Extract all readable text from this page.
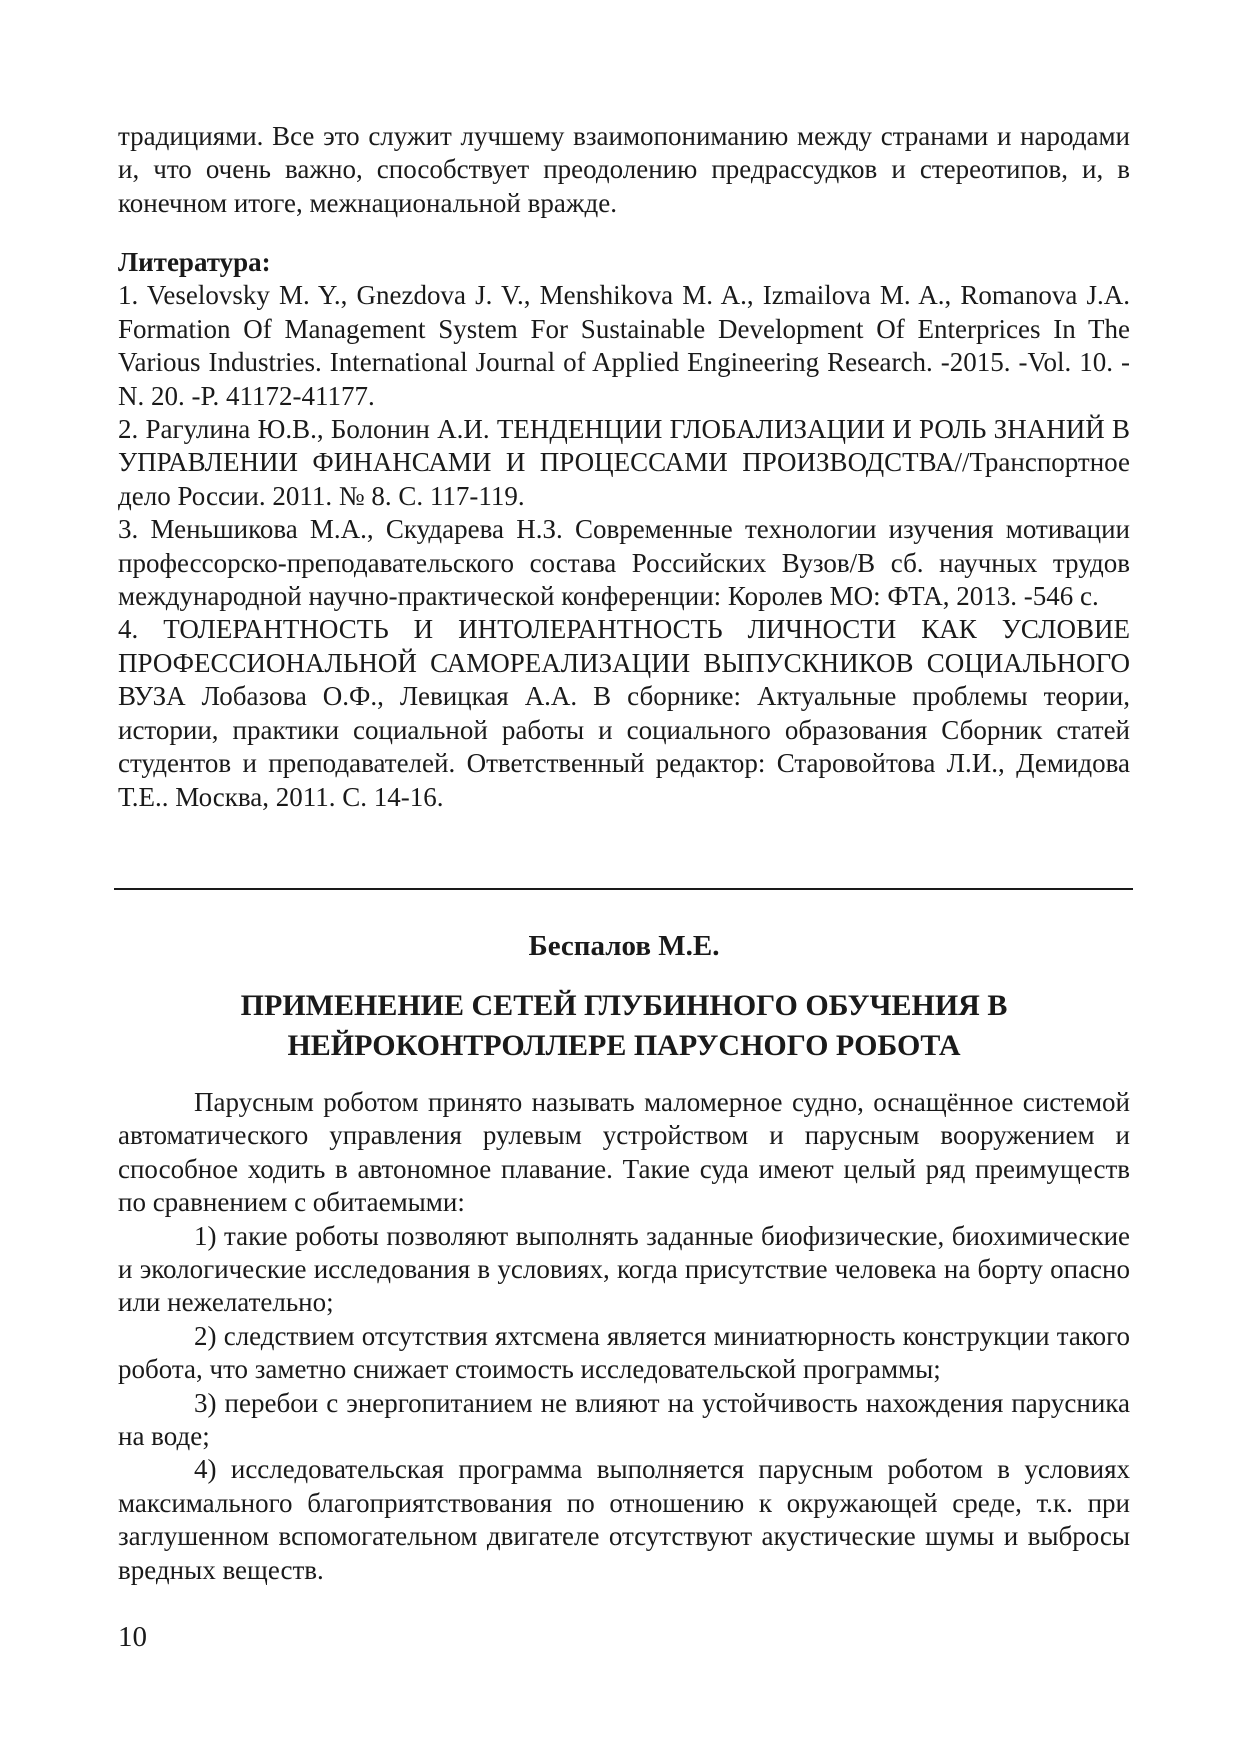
традициями. Все это служит лучшему взаимопониманию между странами и народами и, что очень важно, способствует преодолению предрассудков и стереотипов, и, в конечном итоге, межнациональной вражде.

Литература:

1. Veselovsky M. Y., Gnezdova J. V., Menshikova M. A., Izmailova M. A., Romanova J.A. Formation Of Management System For Sustainable Development Of Enterprices In The Various Industries. International Journal of Applied Engineering Research. -2015. -Vol. 10. -N. 20. -P. 41172-41177.

2. Рагулина Ю.В., Болонин А.И. ТЕНДЕНЦИИ ГЛОБАЛИЗАЦИИ И РОЛЬ ЗНАНИЙ В УПРАВЛЕНИИ ФИНАНСАМИ И ПРОЦЕССАМИ ПРОИЗВОДСТВА//Транспортное дело России. 2011. № 8. С. 117-119.

3. Меньшикова М.А., Скударева Н.З. Современные технологии изучения мотивации профессорско-преподавательского состава Российских Вузов/В сб. научных трудов международной научно-практической конференции: Королев МО: ФТА, 2013. -546 с.

4. ТОЛЕРАНТНОСТЬ И ИНТОЛЕРАНТНОСТЬ ЛИЧНОСТИ КАК УСЛОВИЕ ПРОФЕССИОНАЛЬНОЙ САМОРЕАЛИЗАЦИИ ВЫПУСКНИКОВ СОЦИАЛЬНОГО ВУЗА Лобазова О.Ф., Левицкая А.А. В сборнике: Актуальные проблемы теории, истории, практики социальной работы и социального образования Сборник статей студентов и преподавателей. Ответственный редактор: Старовойтова Л.И., Демидова Т.Е.. Москва, 2011. С. 14-16.

Беспалов М.Е.

ПРИМЕНЕНИЕ СЕТЕЙ ГЛУБИННОГО ОБУЧЕНИЯ В НЕЙРОКОНТРОЛЛЕРЕ ПАРУСНОГО РОБОТА

Парусным роботом принято называть маломерное судно, оснащённое системой автоматического управления рулевым устройством и парусным вооружением и способное ходить в автономное плавание. Такие суда имеют целый ряд преимуществ по сравнением с обитаемыми:

1) такие роботы позволяют выполнять заданные биофизические, биохимические и экологические исследования в условиях, когда присутствие человека на борту опасно или нежелательно;

2) следствием отсутствия яхтсмена является миниатюрность конструкции такого робота, что заметно снижает стоимость исследовательской программы;

3) перебои с энергопитанием не влияют на устойчивость нахождения парусника на воде;

4) исследовательская программа выполняется парусным роботом в условиях максимального благоприятствования по отношению к окружающей среде, т.к. при заглушенном вспомогательном двигателе отсутствуют акустические шумы и выбросы вредных веществ.

10
